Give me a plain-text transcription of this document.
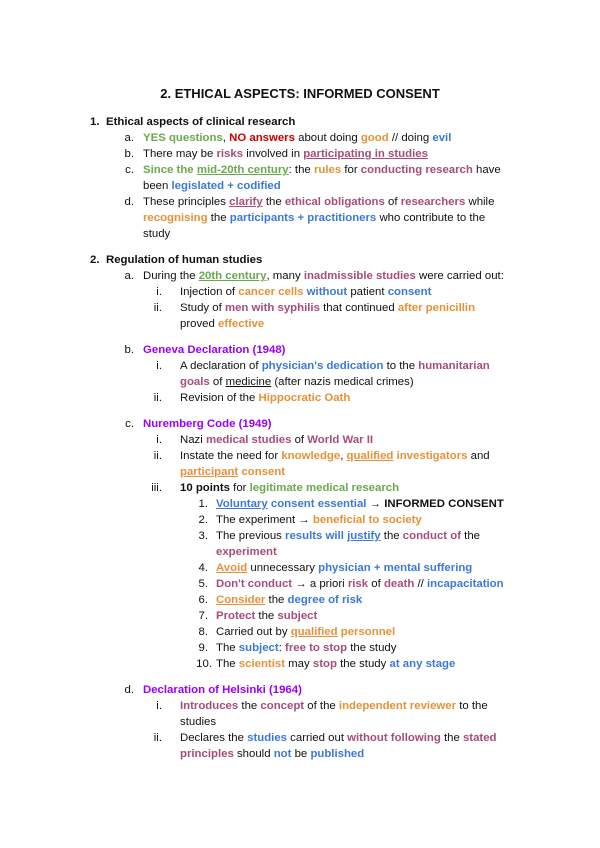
2. ETHICAL ASPECTS: INFORMED CONSENT
1. Ethical aspects of clinical research
a. YES questions, NO answers about doing good // doing evil
b. There may be risks involved in participating in studies
c. Since the mid-20th century: the rules for conducting research have
been legislated + codified
d. These principles clarify the ethical obligations of researchers while
recognising the participants + practitioners who contribute to the
study
2. Regulation of human studies
a. During the 20th century, many inadmissible studies were carried out:
i. Injection of cancer cells without patient consent
ii. Study of men with syphilis that continued after penicillin
proved effective
b. Geneva Declaration (1948)
i. A declaration of physician's dedication to the humanitarian
goals of medicine (after nazis medical crimes)
ii. Revision of the Hippocratic Oath
c. Nuremberg Code (1949)
i. Nazi medical studies of World War II
ii. Instate the need for knowledge, qualified investigators and
participant consent
iii. 10 points for legitimate medical research
1. Voluntary consent essential → INFORMED CONSENT
2. The experiment → beneficial to society
3. The previous results will justify the conduct of the
experiment
4. Avoid unnecessary physician + mental suffering
5. Don't conduct → a priori risk of death // incapacitation
6. Consider the degree of risk
7. Protect the subject
8. Carried out by qualified personnel
9. The subject: free to stop the study
10. The scientist may stop the study at any stage
d. Declaration of Helsinki (1964)
i. Introduces the concept of the independent reviewer to the
studies
ii. Declares the studies carried out without following the stated
principles should not be published
